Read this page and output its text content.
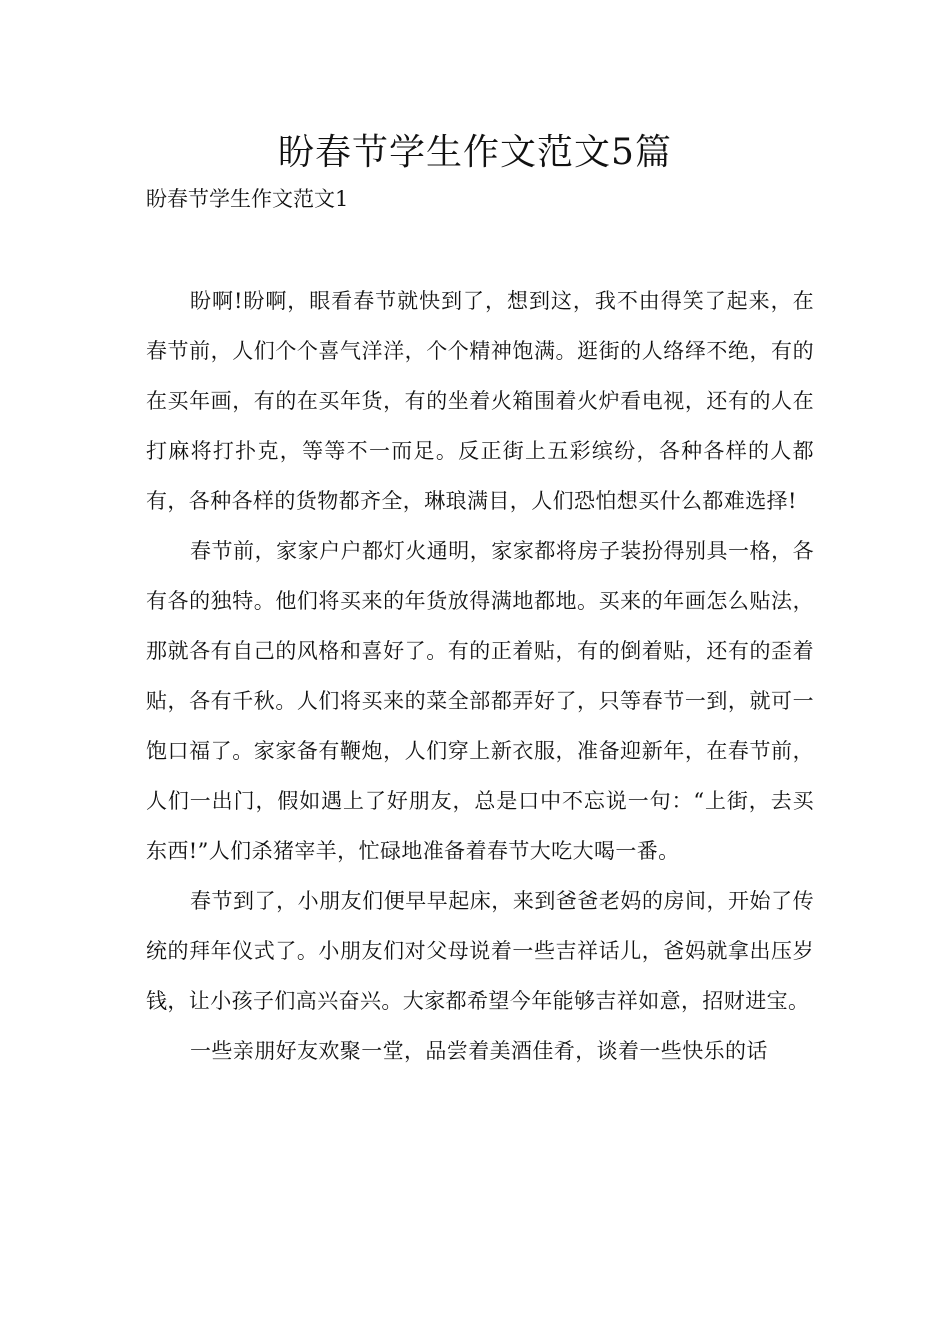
盼春节学生作文范文5篇

盼春节学生作文范文1

盼啊!盼啊，眼看春节就快到了，想到这，我不由得笑了起来，在春节前，人们个个喜气洋洋，个个精神饱满。逛街的人络绎不绝，有的在买年画，有的在买年货，有的坐着火箱围着火炉看电视，还有的人在打麻将打扑克，等等不一而足。反正街上五彩缤纷，各种各样的人都有，各种各样的货物都齐全，琳琅满目，人们恐怕想买什么都难选择!

春节前，家家户户都灯火通明，家家都将房子装扮得别具一格，各有各的独特。他们将买来的年货放得满地都地。买来的年画怎么贴法，那就各有自己的风格和喜好了。有的正着贴，有的倒着贴，还有的歪着贴，各有千秋。人们将买来的菜全部都弄好了，只等春节一到，就可一饱口福了。家家备有鞭炮，人们穿上新衣服，准备迎新年，在春节前，人们一出门，假如遇上了好朋友，总是口中不忘说一句：“上街，去买东西!”人们杀猪宰羊，忙碌地准备着春节大吃大喝一番。

春节到了，小朋友们便早早起床，来到爸爸老妈的房间，开始了传统的拜年仪式了。小朋友们对父母说着一些吉祥话儿，爸妈就拿出压岁钱，让小孩子们高兴奋兴。大家都希望今年能够吉祥如意，招财进宝。

一些亲朋好友欢聚一堂，品尝着美酒佳肴，谈着一些快乐的话
